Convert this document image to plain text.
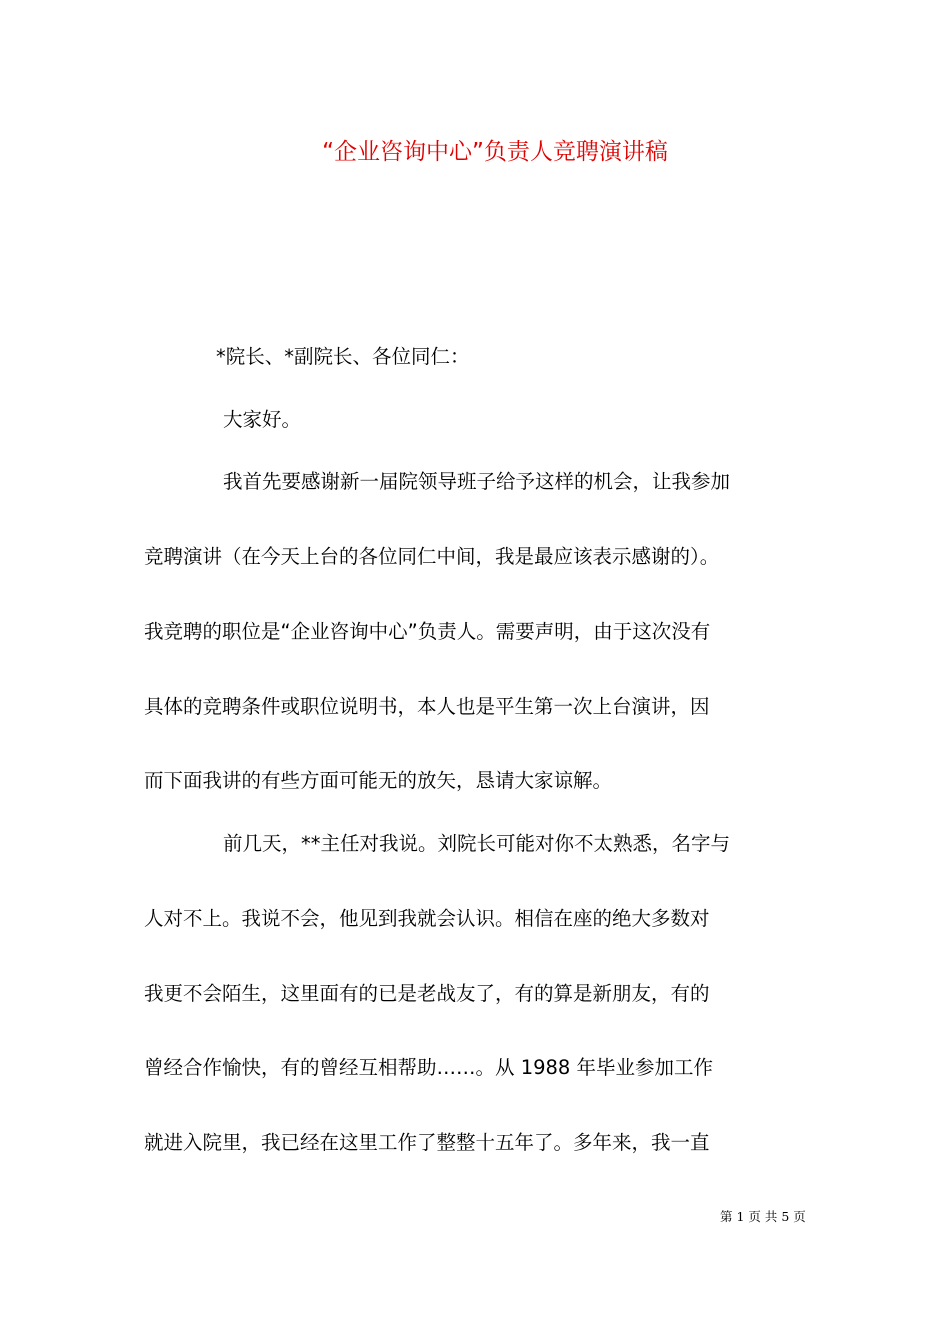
“企业咨询中心”负责人竞聘演讲稿
*院长、*副院长、各位同仁：
大家好。
我首先要感谢新一届院领导班子给予这样的机会，让我参加
竞聘演讲（在今天上台的各位同仁中间，我是最应该表示感谢的）。
我竞聘的职位是“企业咨询中心”负责人。需要声明，由于这次没有
具体的竞聘条件或职位说明书，本人也是平生第一次上台演讲，因
而下面我讲的有些方面可能无的放矢，恳请大家谅解。
前几天，**主任对我说。刘院长可能对你不太熟悉，名字与
人对不上。我说不会，他见到我就会认识。相信在座的绝大多数对
我更不会陌生，这里面有的已是老战友了，有的算是新朋友，有的
曾经合作愉快，有的曾经互相帮助……。从 1988 年毕业参加工作
就进入院里，我已经在这里工作了整整十五年了。多年来，我一直
第 1 页 共 5 页
